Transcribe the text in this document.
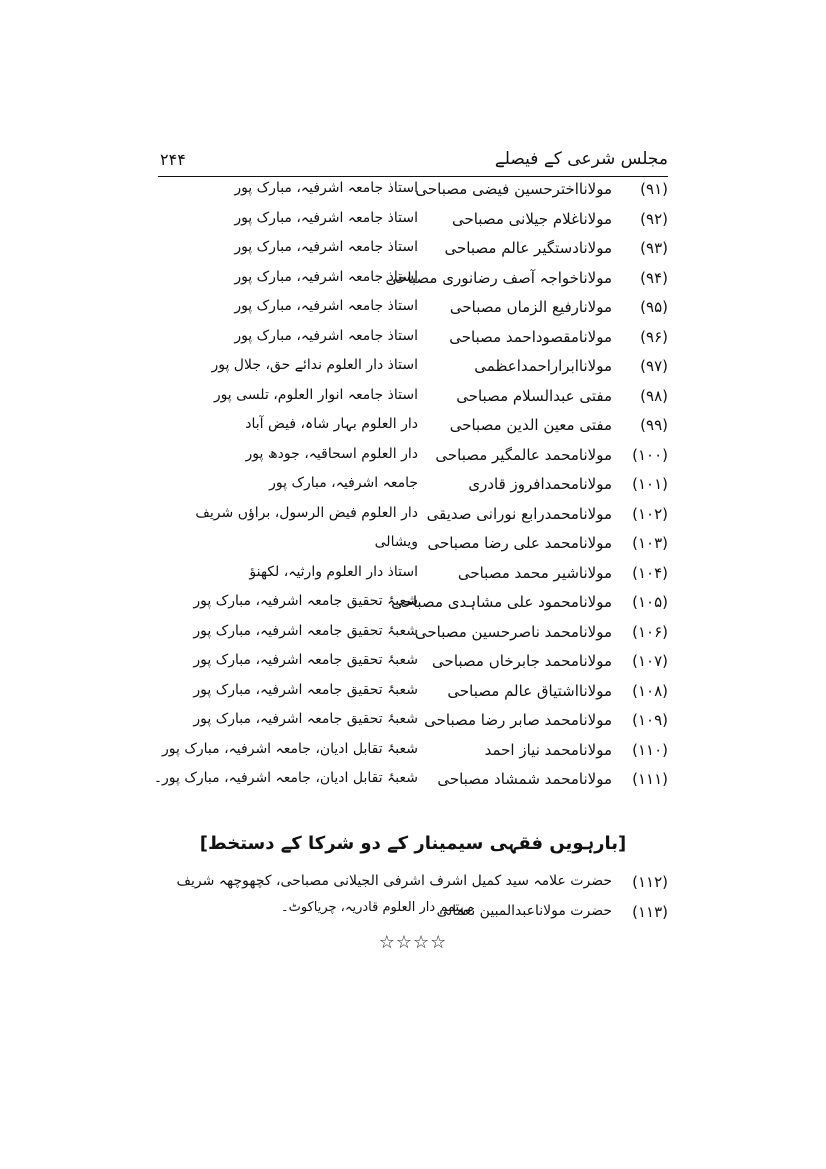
مجلس شرعی کے فیصلے
۲۴۴
(۹۱)
مولانااخترحسین فیضی مصباحی
استاذ جامعہ اشرفیہ، مبارک پور
(۹۲)
مولاناغلام جیلانی مصباحی
استاذ جامعہ اشرفیہ، مبارک پور
(۹۳)
مولانادستگیر عالم مصباحی
استاذ جامعہ اشرفیہ، مبارک پور
(۹۴)
مولاناخواجہ آصف رضانوری مصباحی
استاذ جامعہ اشرفیہ، مبارک پور
(۹۵)
مولانارفیع الزماں مصباحی
استاذ جامعہ اشرفیہ، مبارک پور
(۹۶)
مولانامقصوداحمد مصباحی
استاذ جامعہ اشرفیہ، مبارک پور
(۹۷)
مولاناابراراحمداعظمی
استاذ دار العلوم ندائے حق، جلال پور
(۹۸)
مفتی عبدالسلام مصباحی
استاذ جامعہ انوار العلوم، تلسی پور
(۹۹)
مفتی معین الدین مصباحی
دار العلوم بہار شاہ، فیض آباد
(۱۰۰)
مولانامحمد عالمگیر مصباحی
دار العلوم اسحاقیہ، جودھ پور
(۱۰۱)
مولانامحمدافروز قادری
جامعہ اشرفیہ، مبارک پور
(۱۰۲)
مولانامحمدرابع نورانی صدیقی
دار العلوم فیض الرسول، براؤں شریف
(۱۰۳)
مولانامحمد علی رضا مصباحی
ویشالی
(۱۰۴)
مولاناشیر محمد مصباحی
استاذ دار العلوم وارثیہ، لکھنؤ
(۱۰۵)
مولانامحمود علی مشاہدی مصباحی
شعبۂ تحقیق جامعہ اشرفیہ، مبارک پور
(۱۰۶)
مولانامحمد ناصرحسین مصباحی
شعبۂ تحقیق جامعہ اشرفیہ، مبارک پور
(۱۰۷)
مولانامحمد جابرخاں مصباحی
شعبۂ تحقیق جامعہ اشرفیہ، مبارک پور
(۱۰۸)
مولانااشتیاق عالم مصباحی
شعبۂ تحقیق جامعہ اشرفیہ، مبارک پور
(۱۰۹)
مولانامحمد صابر رضا مصباحی
شعبۂ تحقیق جامعہ اشرفیہ، مبارک پور
(۱۱۰)
مولانامحمد نیاز احمد
شعبۂ تقابل ادیان، جامعہ اشرفیہ، مبارک پور
(۱۱۱)
مولانامحمد شمشاد مصباحی
شعبۂ تقابل ادیان، جامعہ اشرفیہ، مبارک پور۔
[بارہویں فقہی سیمینار کے دو شرکا کے دستخط]
(۱۱۲)
حضرت علامہ سید کمیل اشرف اشرفی الجیلانی مصباحی، کچھوچھہ شریف
(۱۱۳)
حضرت مولاناعبدالمبین نعمانی
مہتمم دار العلوم قادریہ، چریاکوٹ۔
☆☆☆☆
